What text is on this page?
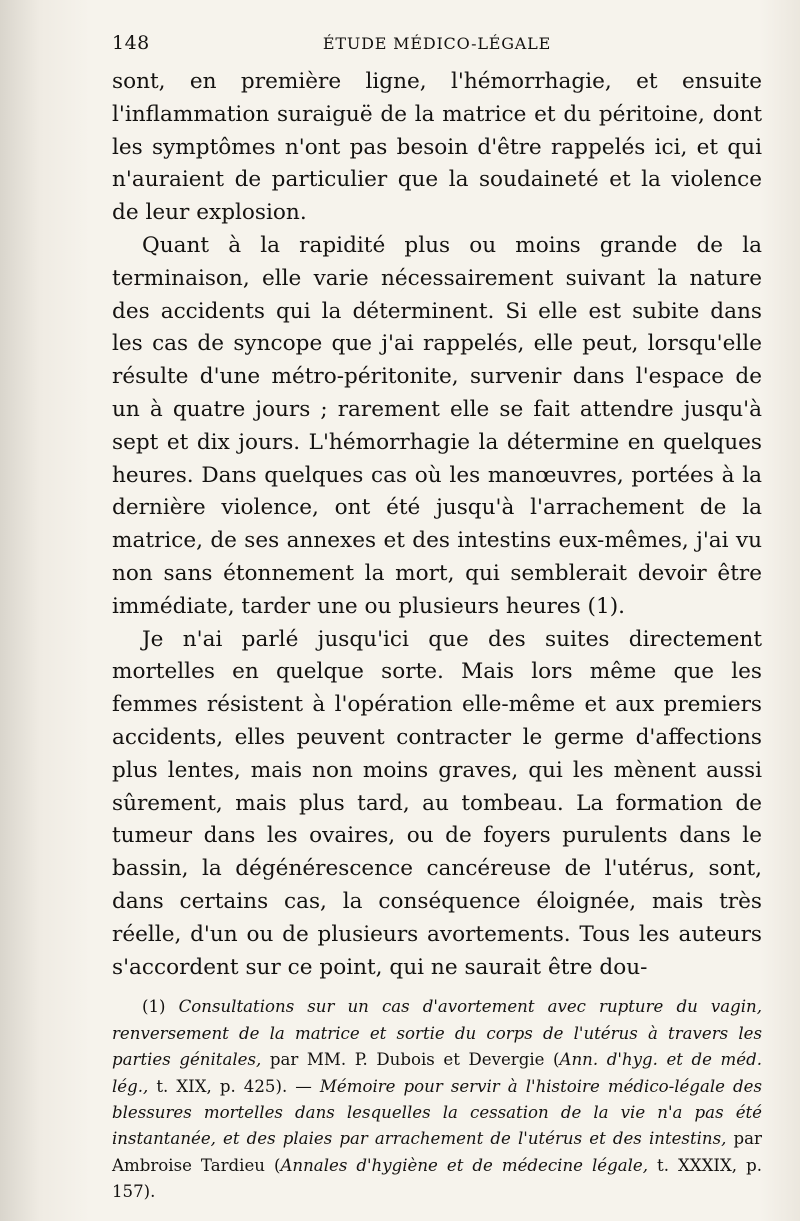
148	ÉTUDE MÉDICO-LÉGALE

sont, en première ligne, l'hémorrhagie, et ensuite l'inflammation suraiguë de la matrice et du péritoine, dont les symptômes n'ont pas besoin d'être rappelés ici, et qui n'auraient de particulier que la soudaineté et la violence de leur explosion.

Quant à la rapidité plus ou moins grande de la terminaison, elle varie nécessairement suivant la nature des accidents qui la déterminent. Si elle est subite dans les cas de syncope que j'ai rappelés, elle peut, lorsqu'elle résulte d'une métro-péritonite, survenir dans l'espace de un à quatre jours ; rarement elle se fait attendre jusqu'à sept et dix jours. L'hémorrhagie la détermine en quelques heures. Dans quelques cas où les manœuvres, portées à la dernière violence, ont été jusqu'à l'arrachement de la matrice, de ses annexes et des intestins eux-mêmes, j'ai vu non sans étonnement la mort, qui semblerait devoir être immédiate, tarder une ou plusieurs heures (1).

Je n'ai parlé jusqu'ici que des suites directement mortelles en quelque sorte. Mais lors même que les femmes résistent à l'opération elle-même et aux premiers accidents, elles peuvent contracter le germe d'affections plus lentes, mais non moins graves, qui les mènent aussi sûrement, mais plus tard, au tombeau. La formation de tumeur dans les ovaires, ou de foyers purulents dans le bassin, la dégénérescence cancéreuse de l'utérus, sont, dans certains cas, la conséquence éloignée, mais très réelle, d'un ou de plusieurs avortements. Tous les auteurs s'accordent sur ce point, qui ne saurait être dou-

(1) Consultations sur un cas d'avortement avec rupture du vagin, renversement de la matrice et sortie du corps de l'utérus à travers les parties génitales, par MM. P. Dubois et Devergie (Ann. d'hyg. et de méd. lég., t. XIX, p. 425). — Mémoire pour servir à l'histoire médico-légale des blessures mortelles dans lesquelles la cessation de la vie n'a pas été instantanée, et des plaies par arrachement de l'utérus et des intestins, par Ambroise Tardieu (Annales d'hygiène et de médecine légale, t. XXXIX, p. 157).
